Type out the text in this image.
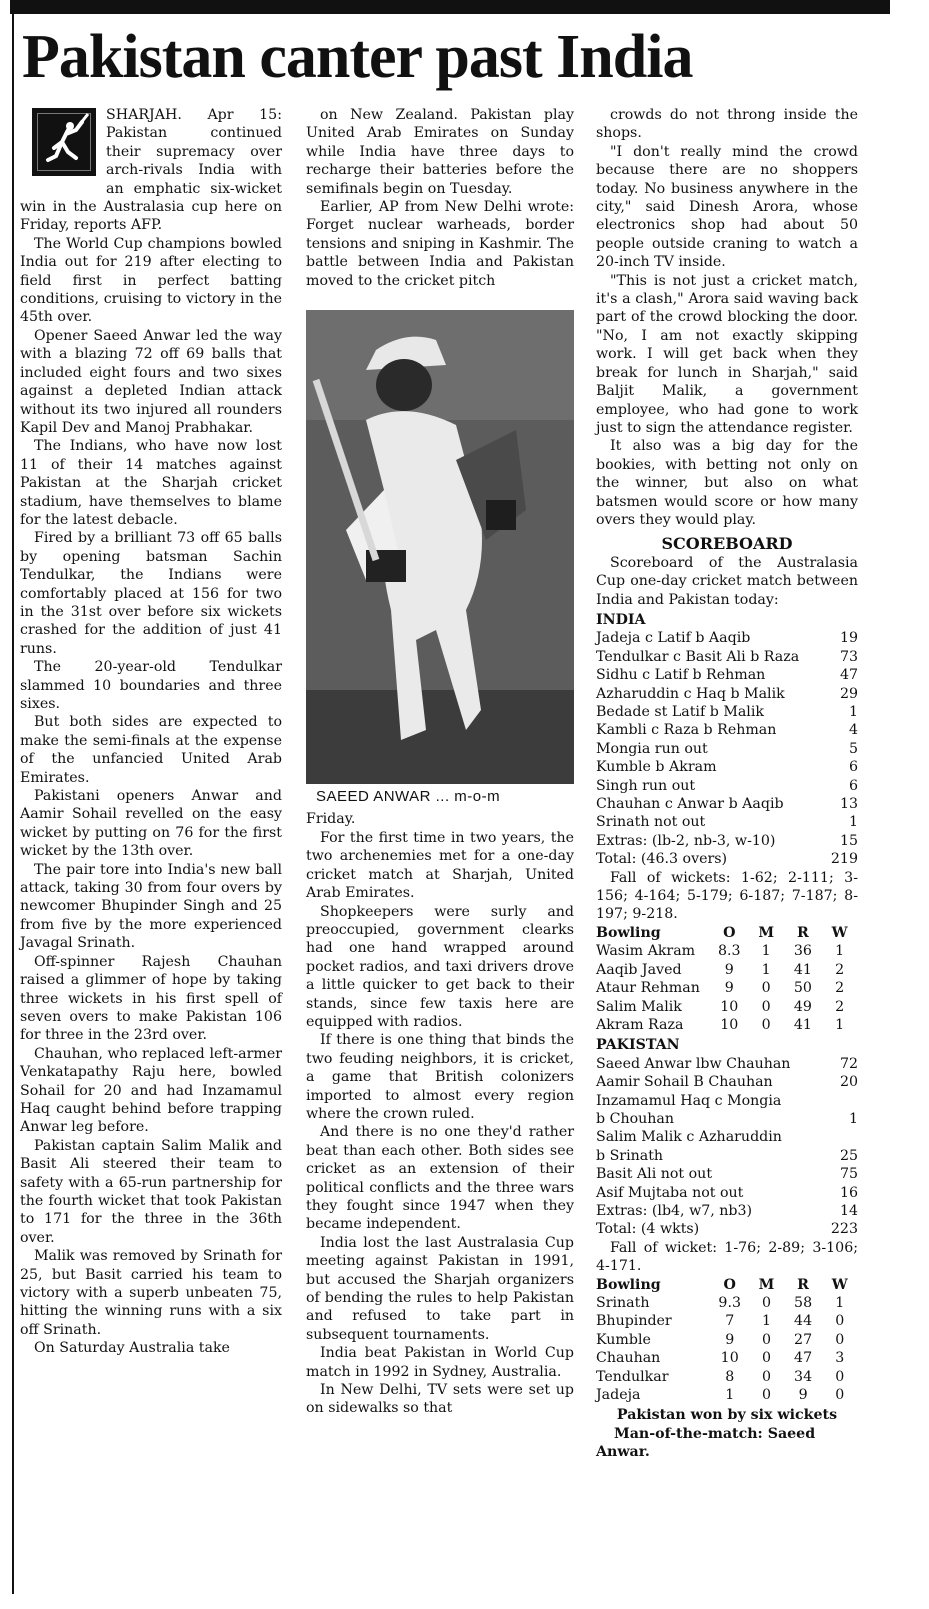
Pakistan canter past India

SHARJAH. Apr 15: Pakistan continued their supremacy over arch-rivals India with an emphatic six-wicket win in the Australasia cup here on Friday, reports AFP.

The World Cup champions bowled India out for 219 after electing to field first in perfect batting conditions, cruising to victory in the 45th over.

Opener Saeed Anwar led the way with a blazing 72 off 69 balls that included eight fours and two sixes against a depleted Indian attack without its two injured all rounders Kapil Dev and Manoj Prabhakar.

The Indians, who have now lost 11 of their 14 matches against Pakistan at the Sharjah cricket stadium, have themselves to blame for the latest debacle.

Fired by a brilliant 73 off 65 balls by opening batsman Sachin Tendulkar, the Indians were comfortably placed at 156 for two in the 31st over before six wickets crashed for the addition of just 41 runs.

The 20-year-old Tendulkar slammed 10 boundaries and three sixes.

But both sides are expected to make the semi-finals at the expense of the unfancied United Arab Emirates.

Pakistani openers Anwar and Aamir Sohail revelled on the easy wicket by putting on 76 for the first wicket by the 13th over.

The pair tore into India's new ball attack, taking 30 from four overs by newcomer Bhupinder Singh and 25 from five by the more experienced Javagal Srinath.

Off-spinner Rajesh Chauhan raised a glimmer of hope by taking three wickets in his first spell of seven overs to make Pakistan 106 for three in the 23rd over.

Chauhan, who replaced left-armer Venkatapathy Raju here, bowled Sohail for 20 and had Inzamamul Haq caught behind before trapping Anwar leg before.

Pakistan captain Salim Malik and Basit Ali steered their team to safety with a 65-run partnership for the fourth wicket that took Pakistan to 171 for the three in the 36th over.

Malik was removed by Srinath for 25, but Basit carried his team to victory with a superb unbeaten 75, hitting the winning runs with a six off Srinath.

On Saturday Australia take

on New Zealand. Pakistan play United Arab Emirates on Sunday while India have three days to recharge their batteries before the semifinals begin on Tuesday.

Earlier, AP from New Delhi wrote: Forget nuclear warheads, border tensions and sniping in Kashmir. The battle between India and Pakistan moved to the cricket pitch

SAEED ANWAR ... m-o-m

Friday.

For the first time in two years, the two archenemies met for a one-day cricket match at Sharjah, United Arab Emirates.

Shopkeepers were surly and preoccupied, government clearks had one hand wrapped around pocket radios, and taxi drivers drove a little quicker to get back to their stands, since few taxis here are equipped with radios.

If there is one thing that binds the two feuding neighbors, it is cricket, a game that British colonizers imported to almost every region where the crown ruled.

And there is no one they'd rather beat than each other. Both sides see cricket as an extension of their political conflicts and the three wars they fought since 1947 when they became independent.

India lost the last Australasia Cup meeting against Pakistan in 1991, but accused the Sharjah organizers of bending the rules to help Pakistan and refused to take part in subsequent tournaments.

India beat Pakistan in World Cup match in 1992 in Sydney, Australia.

In New Delhi, TV sets were set up on sidewalks so that

crowds do not throng inside the shops.

"I don't really mind the crowd because there are no shoppers today. No business anywhere in the city," said Dinesh Arora, whose electronics shop had about 50 people outside craning to watch a 20-inch TV inside.

"This is not just a cricket match, it's a clash," Arora said waving back part of the crowd blocking the door. "No, I am not exactly skipping work. I will get back when they break for lunch in Sharjah," said Baljit Malik, a government employee, who had gone to work just to sign the attendance register.

It also was a big day for the bookies, with betting not only on the winner, but also on what batsmen would score or how many overs they would play.

SCOREBOARD

Scoreboard of the Australasia Cup one-day cricket match between India and Pakistan today:

INDIA
Jadeja c Latif b Aaqib	19
Tendulkar c Basit Ali b Raza	73
Sidhu c Latif b Rehman	47
Azharuddin c Haq b Malik	29
Bedade st Latif b Malik	1
Kambli c Raza b Rehman	4
Mongia run out	5
Kumble b Akram	6
Singh run out	6
Chauhan c Anwar b Aaqib	13
Srinath not out	1
Extras: (lb-2, nb-3, w-10)	15
Total: (46.3 overs)	219

Fall of wickets: 1-62; 2-111; 3-156; 4-164; 5-179; 6-187; 7-187; 8-197; 9-218.

Bowling	O	M	R	W
Wasim Akram	8.3	1	36	1
Aaqib Javed	9	1	41	2
Ataur Rehman	9	0	50	2
Salim Malik	10	0	49	2
Akram Raza	10	0	41	1
PAKISTAN
Saeed Anwar lbw Chauhan	72
Aamir Sohail B Chauhan	20
Inzamamul Haq c Mongia
b Chouhan	1
Salim Malik c Azharuddin
b Srinath	25
Basit Ali not out	75
Asif Mujtaba not out	16
Extras: (lb4, w7, nb3)	14
Total: (4 wkts)	223

Fall of wicket: 1-76; 2-89; 3-106; 4-171.

Bowling	O	M	R	W
Srinath	9.3	0	58	1
Bhupinder	7	1	44	0
Kumble	9	0	27	0
Chauhan	10	0	47	3
Tendulkar	8	0	34	0
Jadeja	1	0	9	0
Pakistan won by six wickets
Man-of-the-match: Saeed Anwar.
